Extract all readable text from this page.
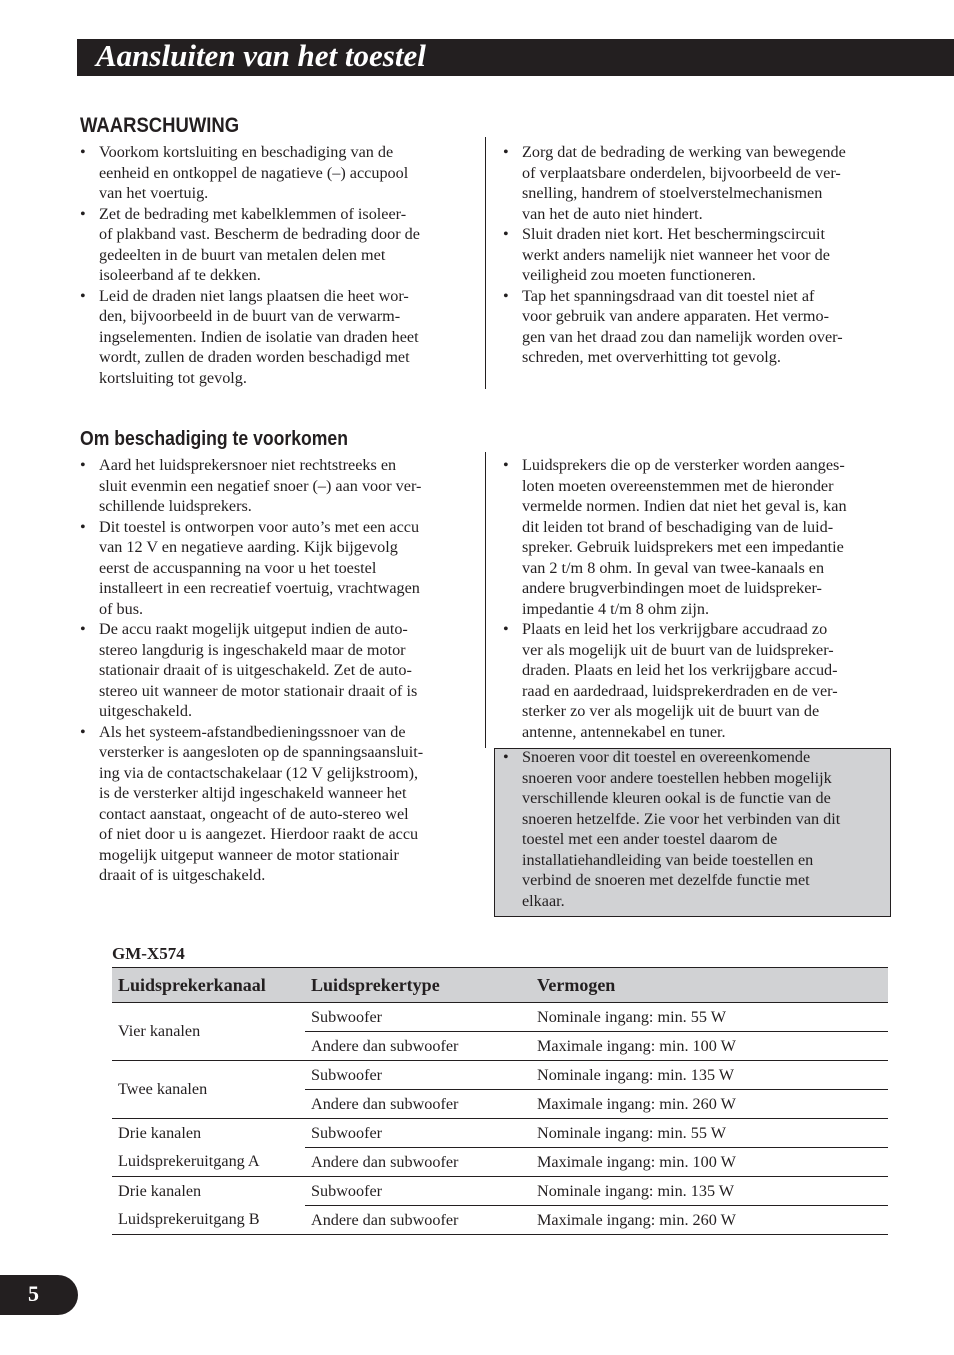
Aansluiten van het toestel
WAARSCHUWING
• Voorkom kortsluiting en beschadiging van de
eenheid en ontkoppel de nagatieve (–) accupool
van het voertuig.
• Zet de bedrading met kabelklemmen of isoleer-
of plakband vast. Bescherm de bedrading door de
gedeelten in de buurt van metalen delen met
isoleerband af te dekken.
• Leid de draden niet langs plaatsen die heet wor-
den, bijvoorbeeld in de buurt van de verwarm-
ingselementen. Indien de isolatie van draden heet
wordt, zullen de draden worden beschadigd met
kortsluiting tot gevolg.
• Zorg dat de bedrading de werking van bewegende
of verplaatsbare onderdelen, bijvoorbeeld de ver-
snelling, handrem of stoelverstelmechanismen
van het de auto niet hindert.
• Sluit draden niet kort. Het beschermingscircuit
werkt anders namelijk niet wanneer het voor de
veiligheid zou moeten functioneren.
• Tap het spanningsdraad van dit toestel niet af
voor gebruik van andere apparaten. Het vermo-
gen van het draad zou dan namelijk worden over-
schreden, met oververhitting tot gevolg.
Om beschadiging te voorkomen
• Aard het luidsprekersnoer niet rechtstreeks en
sluit evenmin een negatief snoer (–) aan voor ver-
schillende luidsprekers.
• Dit toestel is ontworpen voor auto’s met een accu
van 12 V en negatieve aarding. Kijk bijgevolg
eerst de accuspanning na voor u het toestel
installeert in een recreatief voertuig, vrachtwagen
of bus.
• De accu raakt mogelijk uitgeput indien de auto-
stereo langdurig is ingeschakeld maar de motor
stationair draait of is uitgeschakeld. Zet de auto-
stereo uit wanneer de motor stationair draait of is
uitgeschakeld.
• Als het systeem-afstandbedieningssnoer van de
versterker is aangesloten op de spanningsaansluit-
ing via de contactschakelaar (12 V gelijkstroom),
is de versterker altijd ingeschakeld wanneer het
contact aanstaat, ongeacht of de auto-stereo wel
of niet door u is aangezet. Hierdoor raakt de accu
mogelijk uitgeput wanneer de motor stationair
draait of is uitgeschakeld.
• Luidsprekers die op de versterker worden aanges-
loten moeten overeenstemmen met de hieronder
vermelde normen. Indien dat niet het geval is, kan
dit leiden tot brand of beschadiging van de luid-
spreker. Gebruik luidsprekers met een impedantie
van 2 t/m 8 ohm. In geval van twee-kanaals en
andere brugverbindingen moet de luidspreker-
impedantie 4 t/m 8 ohm zijn.
• Plaats en leid het los verkrijgbare accudraad zo
ver als mogelijk uit de buurt van de luidspreker-
draden. Plaats en leid het los verkrijgbare accud-
raad en aardedraad, luidsprekerdraden en de ver-
sterker zo ver als mogelijk uit de buurt van de
antenne, antennekabel en tuner.
• Snoeren voor dit toestel en overeenkomende
snoeren voor andere toestellen hebben mogelijk
verschillende kleuren ookal is de functie van de
snoeren hetzelfde. Zie voor het verbinden van dit
toestel met een ander toestel daarom de
installatiehandleiding van beide toestellen en
verbind de snoeren met dezelfde functie met
elkaar.
GM-X574
Luidsprekerkanaal	Luidsprekertype	Vermogen
Vier kanalen	Subwoofer	Nominale ingang: min. 55 W
	Andere dan subwoofer	Maximale ingang: min. 100 W
Twee kanalen	Subwoofer	Nominale ingang: min. 135 W
	Andere dan subwoofer	Maximale ingang: min. 260 W
Drie kanalen	Subwoofer	Nominale ingang: min. 55 W
Luidsprekeruitgang A	Andere dan subwoofer	Maximale ingang: min. 100 W
Drie kanalen	Subwoofer	Nominale ingang: min. 135 W
Luidsprekeruitgang B	Andere dan subwoofer	Maximale ingang: min. 260 W
5
